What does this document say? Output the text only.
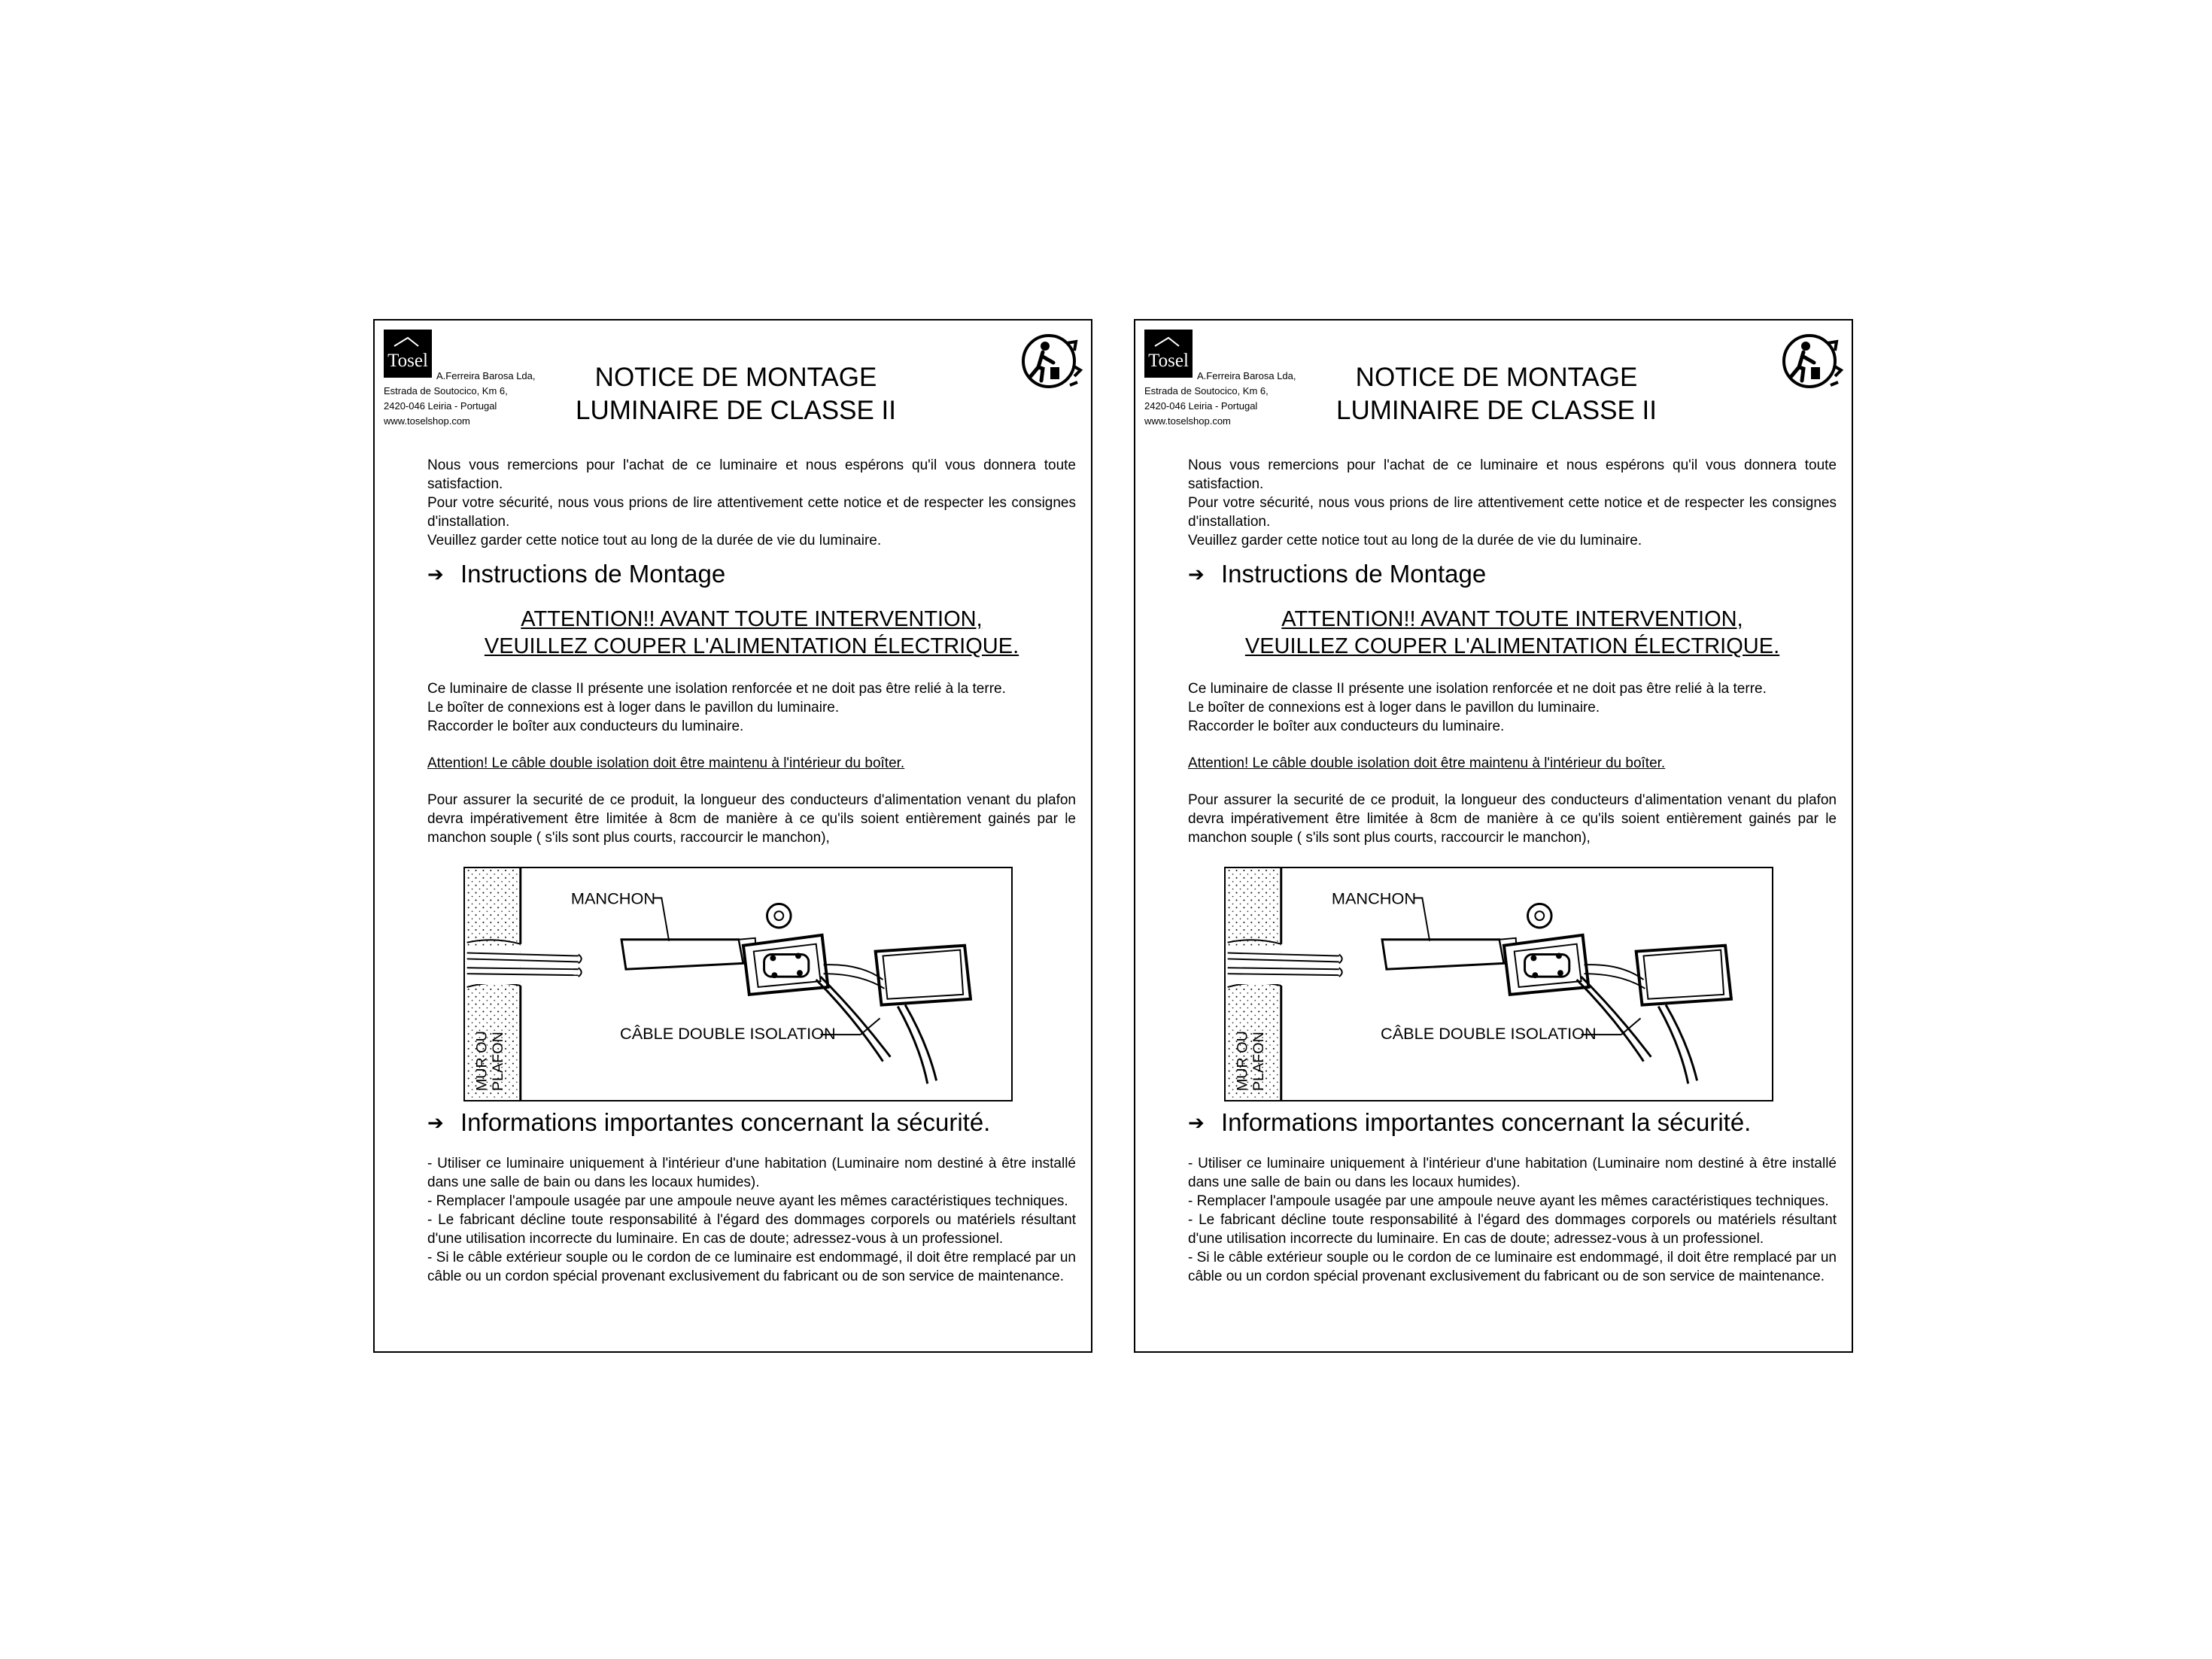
Tosel
A.Ferreira Barosa Lda,
Estrada de Soutocico, Km 6,
2420-046 Leiria - Portugal
www.toselshop.com
NOTICE DE MONTAGE
LUMINAIRE DE CLASSE II

Nous vous remercions pour l'achat de ce luminaire et nous espérons qu'il vous donnera toute satisfaction.

Pour votre sécurité, nous vous prions de lire attentivement cette notice et de respecter les consignes d'installation.

Veuillez garder cette notice tout au long de la durée de vie du luminaire.

➔ Instructions de Montage
ATTENTION!! AVANT TOUTE INTERVENTION,
VEUILLEZ COUPER L'ALIMENTATION ÉLECTRIQUE.

Ce luminaire de classe II présente une isolation renforcée et ne doit pas être relié à la terre.

Le boîter de connexions est à loger dans le pavillon du luminaire.

Raccorder le boîter aux conducteurs du luminaire.

Attention! Le câble double isolation doit être maintenu à l'intérieur du boîter.

Pour assurer la securité de ce produit, la longueur des conducteurs d'alimentation venant du plafon devra impérativement être limitée à 8cm de manière à ce qu'ils soient entièrement gainés par le manchon souple ( s'ils sont plus courts, raccourcir le manchon),

MUR OU PLAFON
MANCHON
CÂBLE DOUBLE ISOLATION
➔ Informations importantes concernant la sécurité.

- Utiliser ce luminaire uniquement à l'intérieur d'une habitation (Luminaire nom destiné à être installé dans une salle de bain ou dans les locaux humides).

- Remplacer l'ampoule usagée par une ampoule neuve ayant les mêmes caractéristiques techniques.

- Le fabricant décline toute responsabilité à l'égard des dommages corporels ou matériels résultant d'une utilisation incorrecte du luminaire. En cas de doute; adressez-vous à un professionel.

- Si le câble extérieur souple ou le cordon de ce luminaire est endommagé, il doit être remplacé par un câble ou un cordon spécial provenant exclusivement du fabricant ou de son service de maintenance.

Tosel
A.Ferreira Barosa Lda,
Estrada de Soutocico, Km 6,
2420-046 Leiria - Portugal
www.toselshop.com
NOTICE DE MONTAGE
LUMINAIRE DE CLASSE II

Nous vous remercions pour l'achat de ce luminaire et nous espérons qu'il vous donnera toute satisfaction.

Pour votre sécurité, nous vous prions de lire attentivement cette notice et de respecter les consignes d'installation.

Veuillez garder cette notice tout au long de la durée de vie du luminaire.

➔ Instructions de Montage
ATTENTION!! AVANT TOUTE INTERVENTION,
VEUILLEZ COUPER L'ALIMENTATION ÉLECTRIQUE.

Ce luminaire de classe II présente une isolation renforcée et ne doit pas être relié à la terre.

Le boîter de connexions est à loger dans le pavillon du luminaire.

Raccorder le boîter aux conducteurs du luminaire.

Attention! Le câble double isolation doit être maintenu à l'intérieur du boîter.

Pour assurer la securité de ce produit, la longueur des conducteurs d'alimentation venant du plafon devra impérativement être limitée à 8cm de manière à ce qu'ils soient entièrement gainés par le manchon souple ( s'ils sont plus courts, raccourcir le manchon),

MUR OU PLAFON
MANCHON
CÂBLE DOUBLE ISOLATION
➔ Informations importantes concernant la sécurité.

- Utiliser ce luminaire uniquement à l'intérieur d'une habitation (Luminaire nom destiné à être installé dans une salle de bain ou dans les locaux humides).

- Remplacer l'ampoule usagée par une ampoule neuve ayant les mêmes caractéristiques techniques.

- Le fabricant décline toute responsabilité à l'égard des dommages corporels ou matériels résultant d'une utilisation incorrecte du luminaire. En cas de doute; adressez-vous à un professionel.

- Si le câble extérieur souple ou le cordon de ce luminaire est endommagé, il doit être remplacé par un câble ou un cordon spécial provenant exclusivement du fabricant ou de son service de maintenance.
